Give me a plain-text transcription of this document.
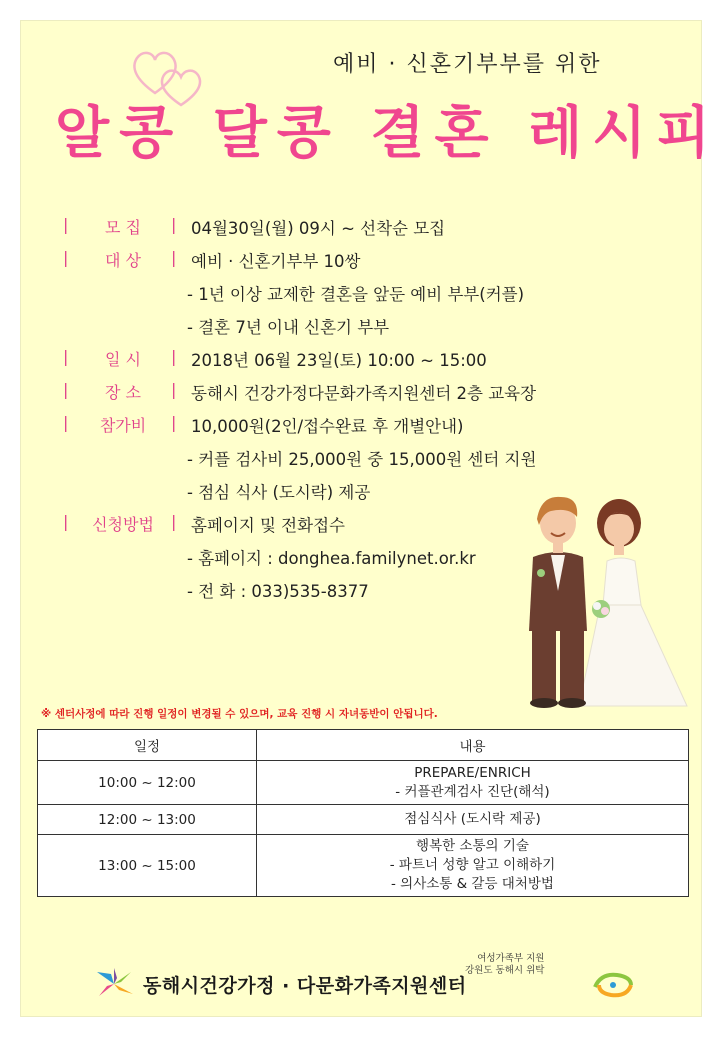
예비 · 신혼기부부를 위한
알콩 달콩 결혼 레시피
|	모 집	| 04월30일(월) 09시 ~ 선착순 모집
|	대 상	| 예비 · 신혼기부부 10쌍
- 1년 이상 교제한 결혼을 앞둔 예비 부부(커플)
- 결혼 7년 이내 신혼기 부부
|	일 시	| 2018년 06월 23일(토) 10:00 ~ 15:00
|	장 소	| 동해시 건강가정다문화가족지원센터 2층 교육장
|	참가비	| 10,000원(2인/접수완료 후 개별안내)
- 커플 검사비 25,000원 중 15,000원 센터 지원
- 점심 식사 (도시락) 제공
|	신청방법	| 홈페이지 및 전화접수
- 홈페이지 : donghea.familynet.or.kr
- 전 화 : 033)535-8377
※ 센터사정에 따라 진행 일정이 변경될 수 있으며, 교육 진행 시 자녀동반이 안됩니다.
일정	내용
10:00 ~ 12:00	PREPARE/ENRICH
- 커플관계검사 진단(해석)

12:00 ~ 13:00	점심식사 (도시락 제공)

13:00 ~ 15:00	행복한 소통의 기술
- 파트너 성향 알고 이해하기
- 의사소통 & 갈등 대처방법
여성가족부 지원
강원도 동해시 위탁
동해시건강가정 · 다문화가족지원센터
